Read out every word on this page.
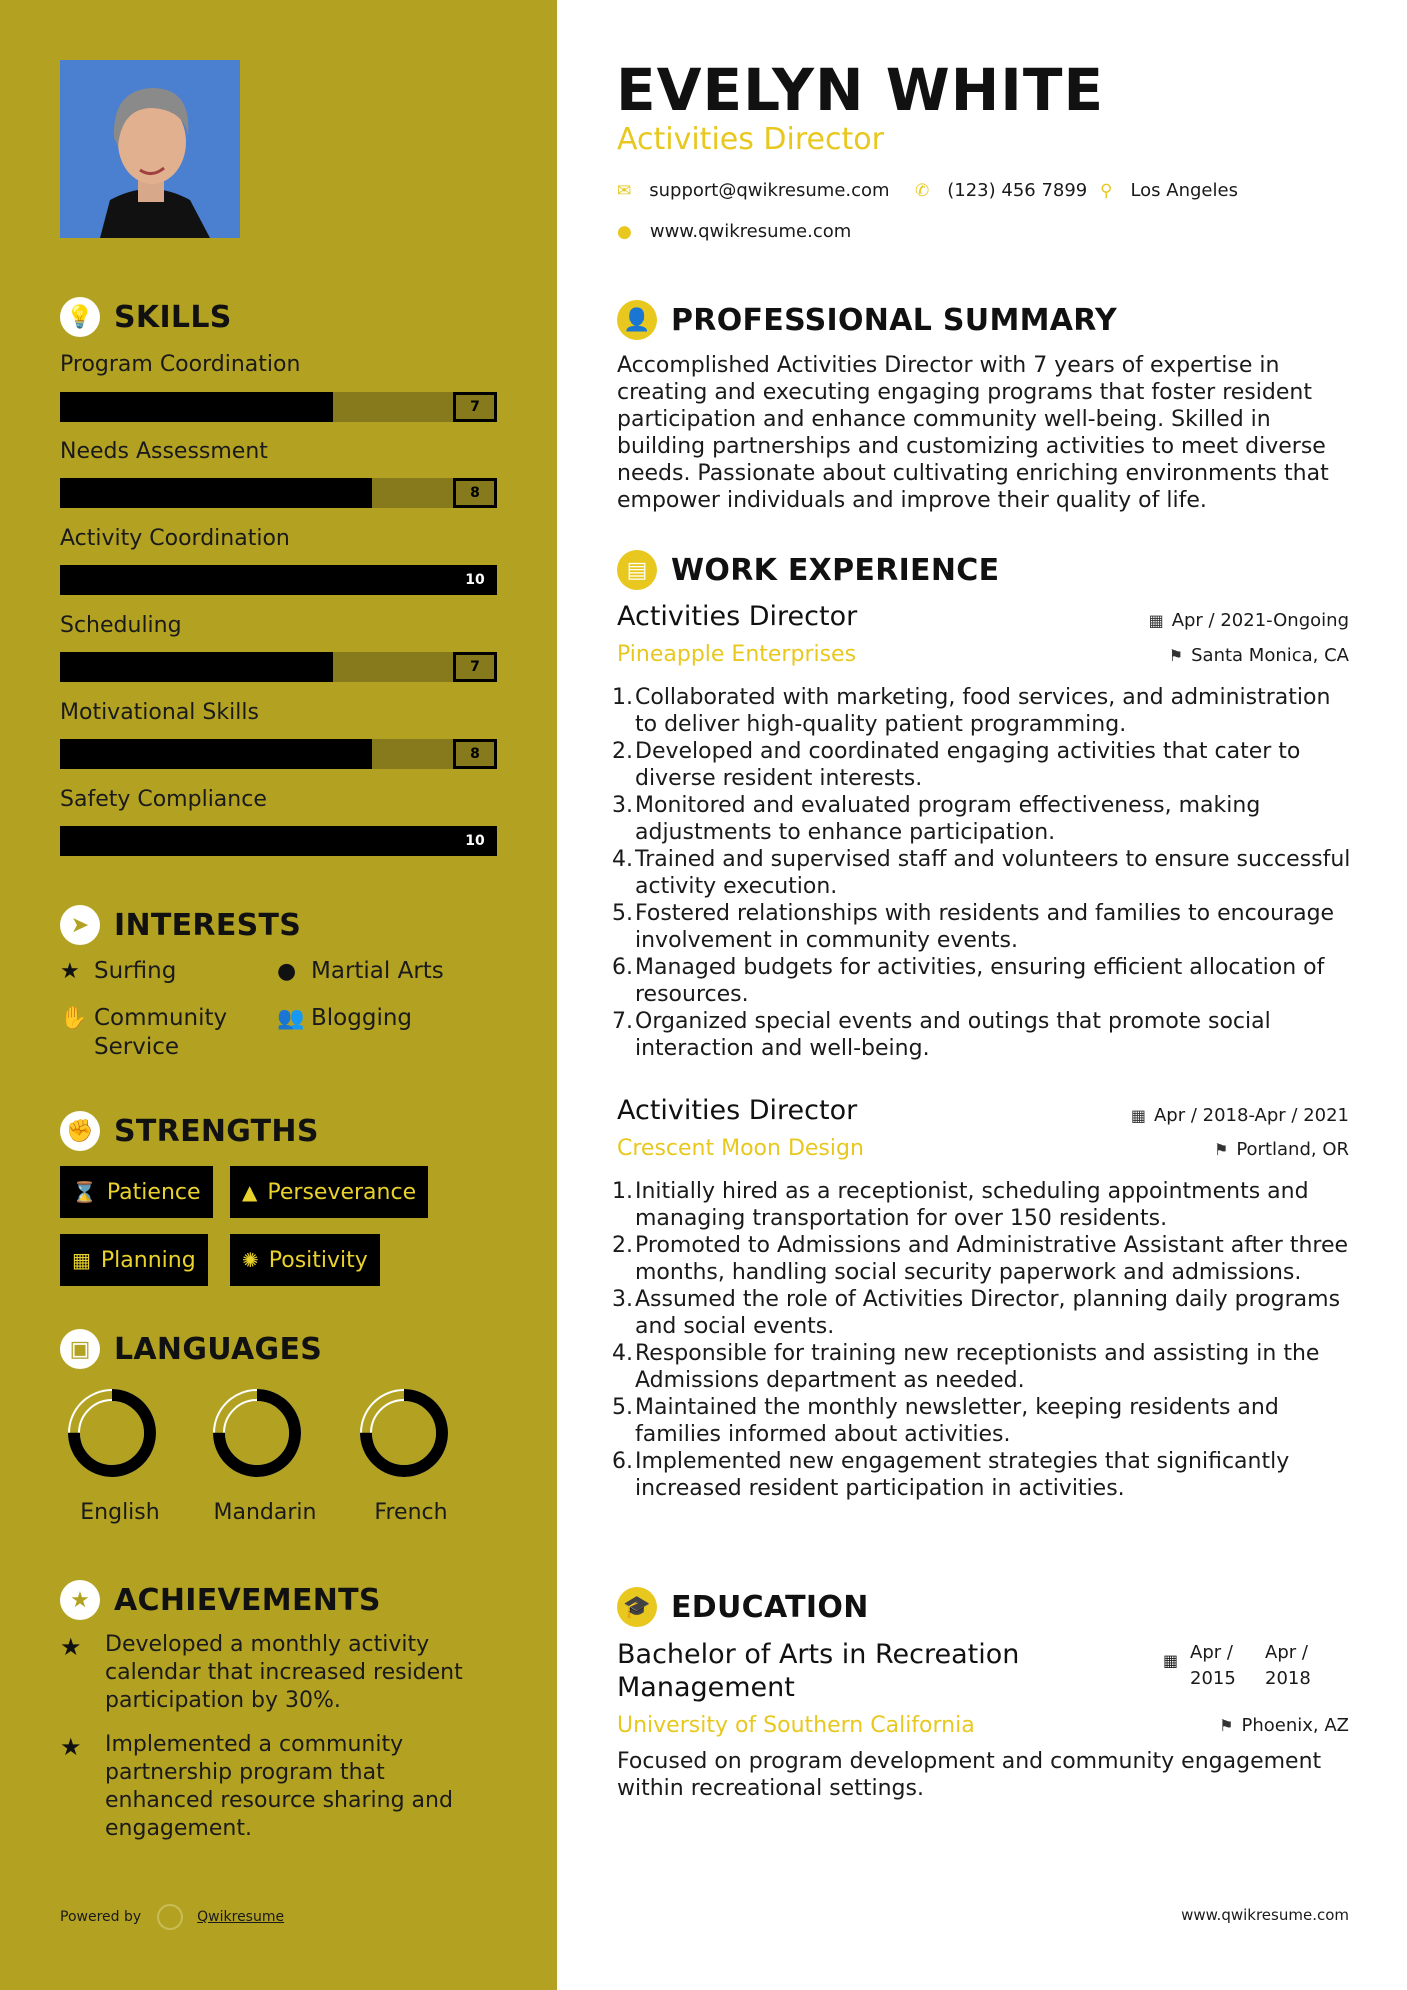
💡 SKILLS
Program Coordination
7
Needs Assessment
8
Activity Coordination
10
Scheduling
7
Motivational Skills
8
Safety Compliance
10
➤ INTERESTS
★ Surfing	● Martial Arts
✋ Community Service
👥 Blogging
✊ STRENGTHS
⌛ Patience ▲ Perseverance
▦ Planning ✺ Positivity
▣ LANGUAGES
English	Mandarin	French
★ ACHIEVEMENTS
★	Developed a monthly activity calendar that increased resident participation by 30%.
★	Implemented a community partnership program that enhanced resource sharing and engagement.
Powered by	Qwikresume
EVELYN WHITE
Activities Director
✉ support@qwikresume.com ✆ (123) 456 7899 ⚲ Los Angeles
● www.qwikresume.com
👤 PROFESSIONAL SUMMARY
Accomplished Activities Director with 7 years of expertise in creating and executing engaging programs that foster resident participation and enhance community well-being. Skilled in building partnerships and customizing activities to meet diverse needs. Passionate about cultivating enriching environments that empower individuals and improve their quality of life.
▤ WORK EXPERIENCE
Activities Director	▦ Apr / 2021-Ongoing
Pineapple Enterprises	⚑ Santa Monica, CA
1. Collaborated with marketing, food services, and administration to deliver high-quality patient programming.
2. Developed and coordinated engaging activities that cater to diverse resident interests.
3. Monitored and evaluated program effectiveness, making adjustments to enhance participation.
4. Trained and supervised staff and volunteers to ensure successful activity execution.
5. Fostered relationships with residents and families to encourage involvement in community events.
6. Managed budgets for activities, ensuring efficient allocation of resources.
7. Organized special events and outings that promote social interaction and well-being.
Activities Director	▦ Apr / 2018-Apr / 2021
Crescent Moon Design	⚑ Portland, OR
1. Initially hired as a receptionist, scheduling appointments and managing transportation for over 150 residents.
2. Promoted to Admissions and Administrative Assistant after three months, handling social security paperwork and admissions.
3. Assumed the role of Activities Director, planning daily programs and social events.
4. Responsible for training new receptionists and assisting in the Admissions department as needed.
5. Maintained the monthly newsletter, keeping residents and families informed about activities.
6. Implemented new engagement strategies that significantly increased resident participation in activities.
🎓 EDUCATION
Bachelor of Arts in Recreation Management
▦ Apr /
2015
Apr /
2018
University of Southern California	⚑ Phoenix, AZ
Focused on program development and community engagement within recreational settings.
www.qwikresume.com
